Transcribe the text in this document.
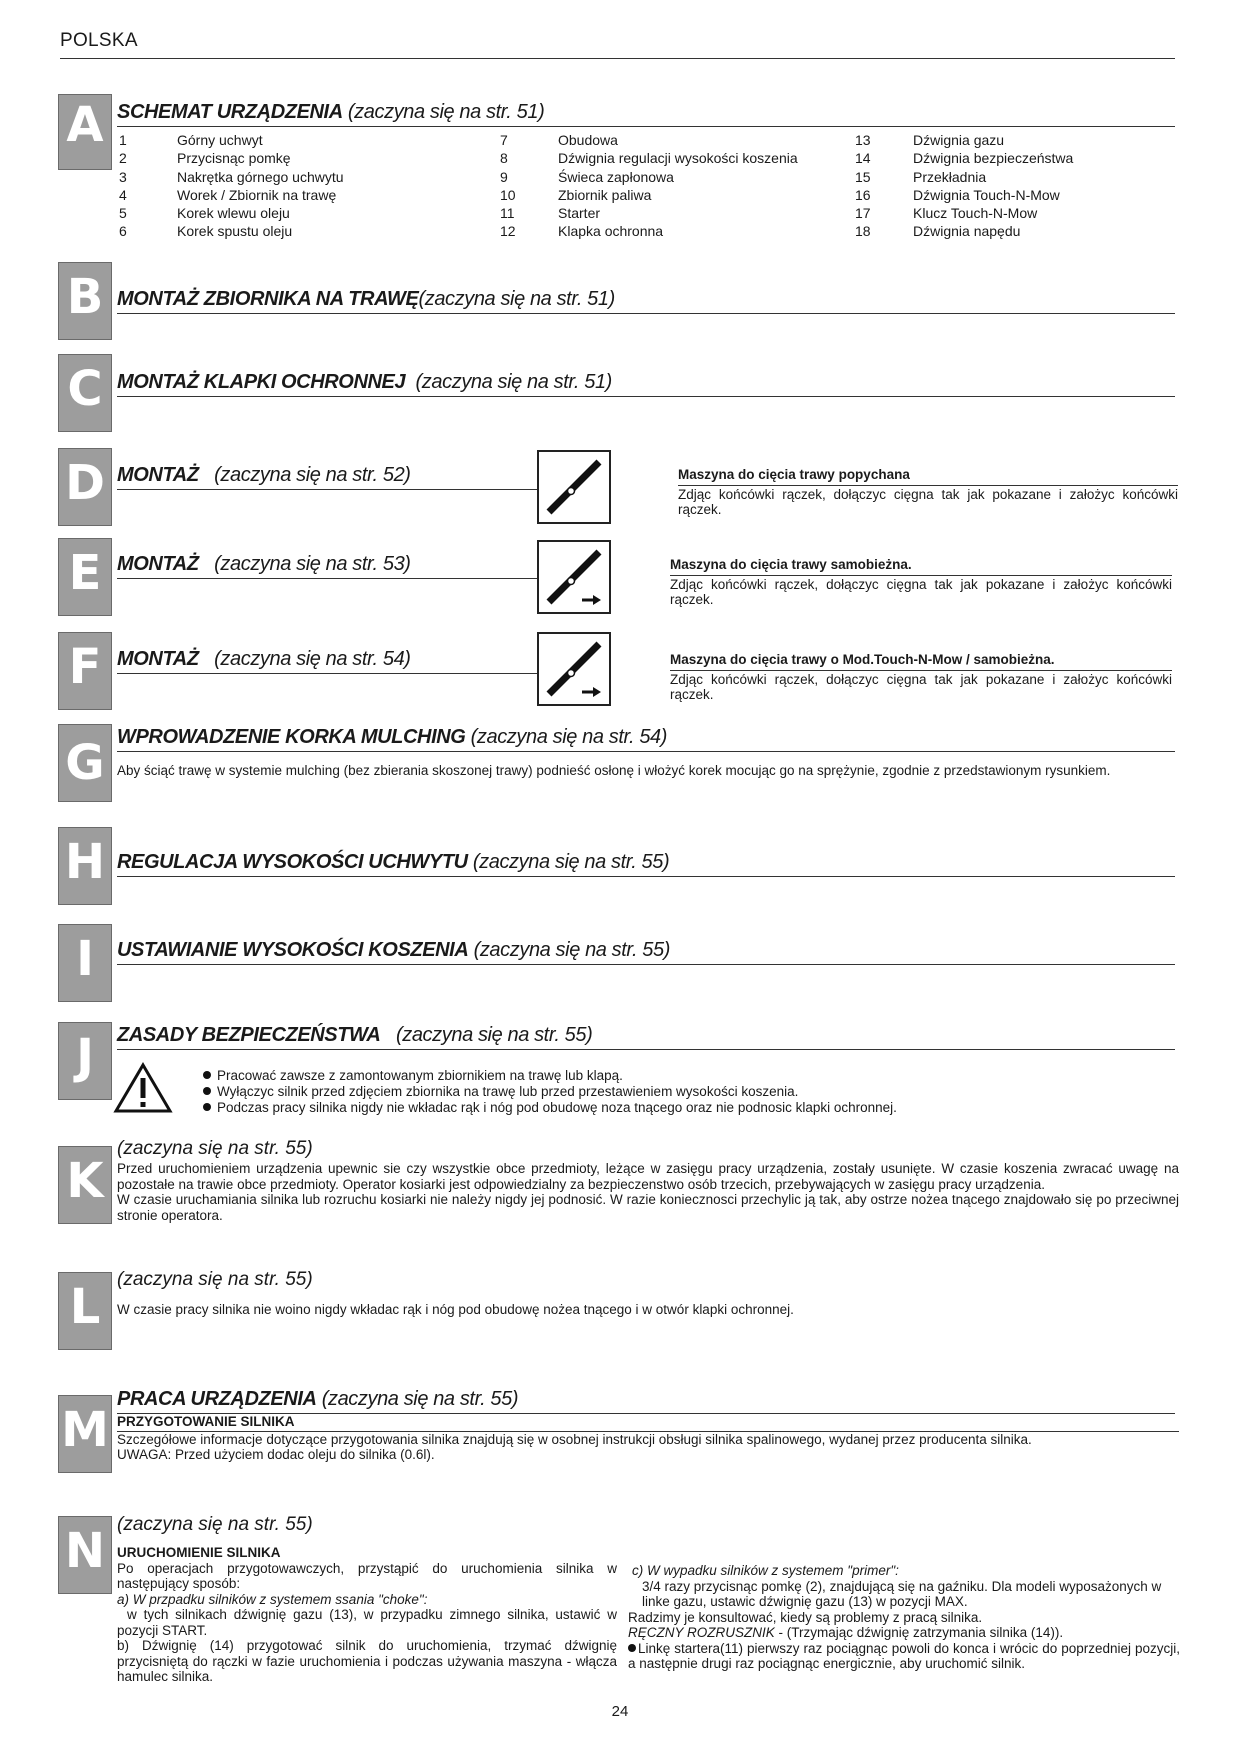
POLSKA
A SCHEMAT URZĄDZENIA (zaczyna się na str. 51)
1	Górny uchwyt
2	Przycisnąc pomkę
3	Nakrętka górnego uchwytu
4	Worek / Zbiornik na trawę
5	Korek wlewu oleju
6	Korek spustu oleju
7	Obudowa
8	Dźwignia regulacji wysokości koszenia
9	Świeca zapłonowa
10	Zbiornik paliwa
11	Starter
12	Klapka ochronna
13	Dźwignia gazu
14	Dźwignia bezpieczeństwa
15	Przekładnia
16	Dźwignia Touch-N-Mow
17	Klucz Touch-N-Mow
18	Dźwignia napędu
B MONTAŻ ZBIORNIKA NA TRAWĘ(zaczyna się na str. 51)
C MONTAŻ KLAPKI OCHRONNEJ (zaczyna się na str. 51)
D MONTAŻ (zaczyna się na str. 52)	Maszyna do cięcia trawy popychana
Zdjąc końcówki rączek, dołączyc cięgna tak jak pokazane i założyc końcówki rączek.
E MONTAŻ (zaczyna się na str. 53)	Maszyna do cięcia trawy samobieżna.
Zdjąc końcówki rączek, dołączyc cięgna tak jak pokazane i założyc końcówki rączek.
F MONTAŻ (zaczyna się na str. 54)	Maszyna do cięcia trawy o Mod.Touch-N-Mow / samobieżna.
Zdjąc końcówki rączek, dołączyc cięgna tak jak pokazane i założyc końcówki rączek.
G WPROWADZENIE KORKA MULCHING (zaczyna się na str. 54)
Aby ściąć trawę w systemie mulching (bez zbierania skoszonej trawy) podnieść osłonę i włożyć korek mocując go na sprężynie, zgodnie z przedstawionym rysunkiem.
H REGULACJA WYSOKOŚCI UCHWYTU (zaczyna się na str. 55)
I	USTAWIANIE WYSOKOŚCI KOSZENIA (zaczyna się na str. 55)
J	ZASADY BEZPIECZEŃSTWA (zaczyna się na str. 55)
Pracować zawsze z zamontowanym zbiornikiem na trawę lub klapą.
Wyłączyc silnik przed zdjęciem zbiornika na trawę lub przed przestawieniem wysokości koszenia.
Podczas pracy silnika nigdy nie wkładac rąk i nóg pod obudowę noza tnącego oraz nie podnosic klapki ochronnej.
K
(zaczyna się na str. 55)
Przed uruchomieniem urządzenia upewnic sie czy wszystkie obce przedmioty, leżące w zasięgu pracy urządzenia, zostały usunięte. W czasie koszenia zwracać uwagę na pozostałe na trawie obce przedmioty. Operator kosiarki jest odpowiedzialny za bezpieczenstwo osób trzecich, przebywających w zasięgu pracy urządzenia.
W czasie uruchamiania silnika lub rozruchu kosiarki nie należy nigdy jej podnosić. W razie koniecznosci przechylic ją tak, aby ostrze nożea tnącego znajdowało się po przeciwnej stronie operatora.
L (zaczyna się na str. 55)
W czasie pracy silnika nie woino nigdy wkładac rąk i nóg pod obudowę nożea tnącego i w otwór klapki ochronnej.
M
PRACA URZĄDZENIA (zaczyna się na str. 55)
PRZYGOTOWANIE SILNIKA
Szczegółowe informacje dotyczące przygotowania silnika znajdują się w osobnej instrukcji obsługi silnika spalinowego, wydanej przez producenta silnika.
UWAGA: Przed użyciem dodac oleju do silnika (0.6l).
N (zaczyna się na str. 55)
URUCHOMIENIE SILNIKA
Po operacjach przygotowawczych, przystąpić do uruchomienia silnika w następujący sposób:
a) W przpadku silników z systemem ssania "choke":
w tych silnikach dźwignię gazu (13), w przypadku zimnego silnika, ustawić w pozycji START.
b) Dźwignię (14) przygotować silnik do uruchomienia, trzymać dźwignię przycisniętą do rączki w fazie uruchomienia i podczas używania maszyna - włącza hamulec silnika.
c) W wypadku silników z systemem "primer":
3/4 razy przycisnąc pomkę (2), znajdującą się na gaźniku. Dla modeli wyposażonych w linke gazu, ustawic dźwignię gazu (13) w pozycji MAX.
Radzimy je konsultować, kiedy są problemy z pracą silnika.
RĘCZNY ROZRUSZNIK - (Trzymając dźwignię zatrzymania silnika (14)).
Linkę startera(11) pierwszy raz pociągnąc powoli do konca i wrócic do poprzedniej pozycji, a następnie drugi raz pociągnąc energicznie, aby uruchomić silnik.
24
